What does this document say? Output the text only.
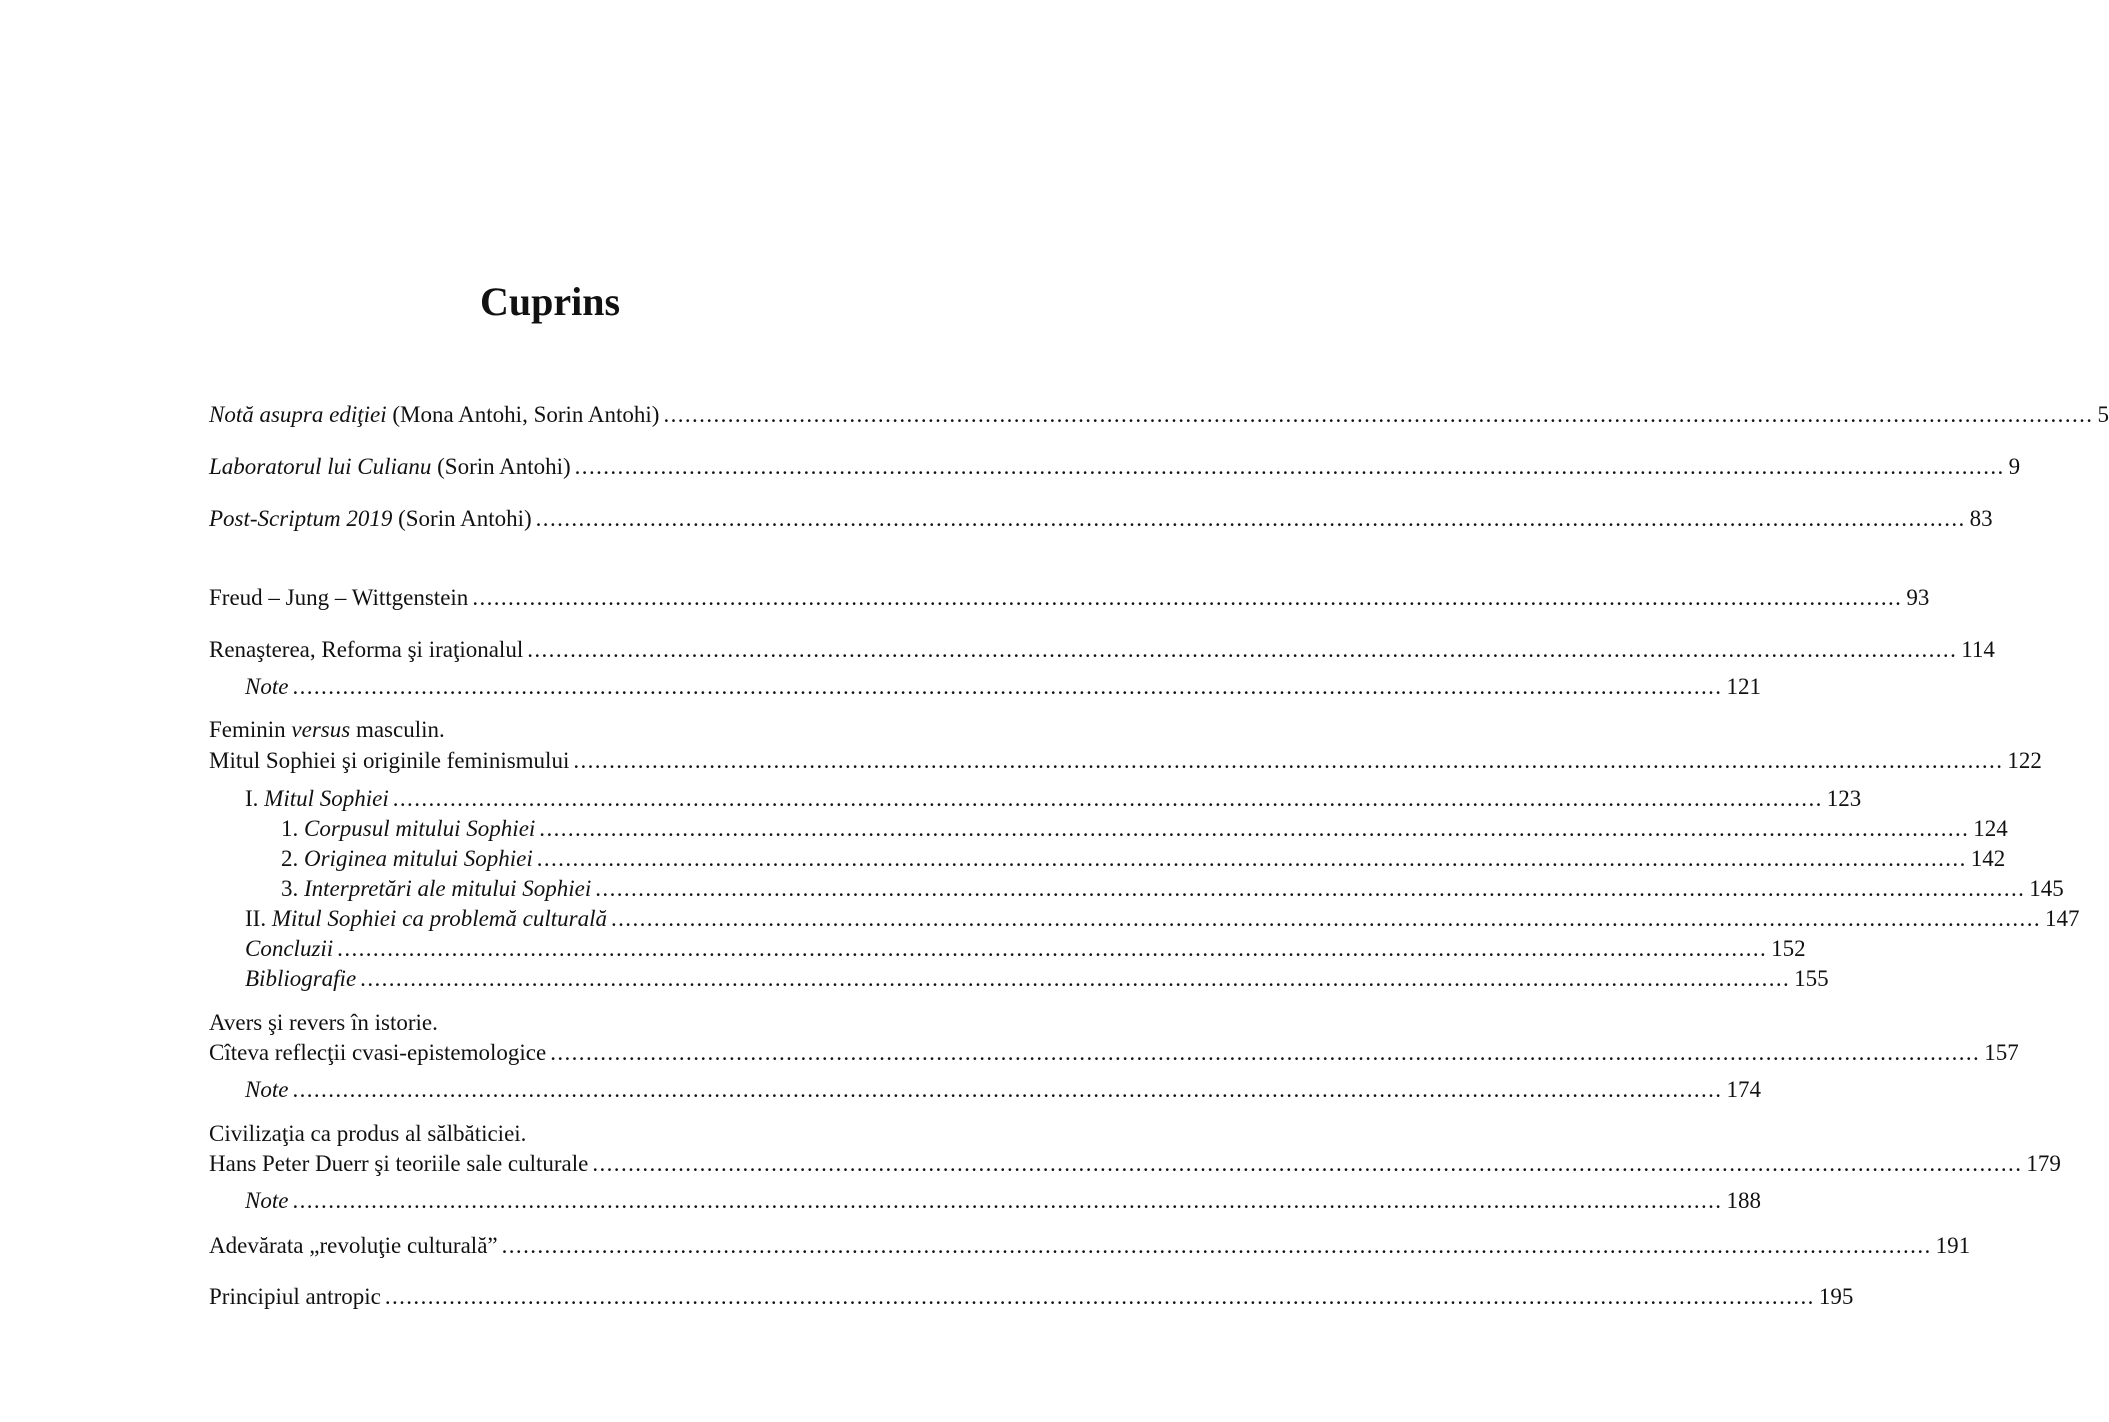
Cuprins
Notă asupra ediţiei (Mona Antohi, Sorin Antohi) ........................................................................................................................................................................................................ 5
Laboratorul lui Culianu (Sorin Antohi) ........................................................................................................................................................................................................ 9
Post-Scriptum 2019 (Sorin Antohi) ........................................................................................................................................................................................................ 83
Freud – Jung – Wittgenstein ........................................................................................................................................................................................................ 93
Renaşterea, Reforma şi iraţionalul ........................................................................................................................................................................................................ 114
Note ........................................................................................................................................................................................................ 121
Feminin versus masculin.
Mitul Sophiei şi originile feminismului ........................................................................................................................................................................................................ 122
I. Mitul Sophiei ........................................................................................................................................................................................................ 123
1. Corpusul mitului Sophiei ........................................................................................................................................................................................................ 124
2. Originea mitului Sophiei ........................................................................................................................................................................................................ 142
3. Interpretări ale mitului Sophiei ........................................................................................................................................................................................................ 145
II. Mitul Sophiei ca problemă culturală ........................................................................................................................................................................................................ 147
Concluzii ........................................................................................................................................................................................................ 152
Bibliografie ........................................................................................................................................................................................................ 155
Avers şi revers în istorie.
Cîteva reflecţii cvasi-epistemologice ........................................................................................................................................................................................................ 157
Note ........................................................................................................................................................................................................ 174
Civilizaţia ca produs al sălbăticiei.
Hans Peter Duerr şi teoriile sale culturale ........................................................................................................................................................................................................ 179
Note ........................................................................................................................................................................................................ 188
Adevărata „revoluţie culturală” ........................................................................................................................................................................................................ 191
Principiul antropic ........................................................................................................................................................................................................ 195
